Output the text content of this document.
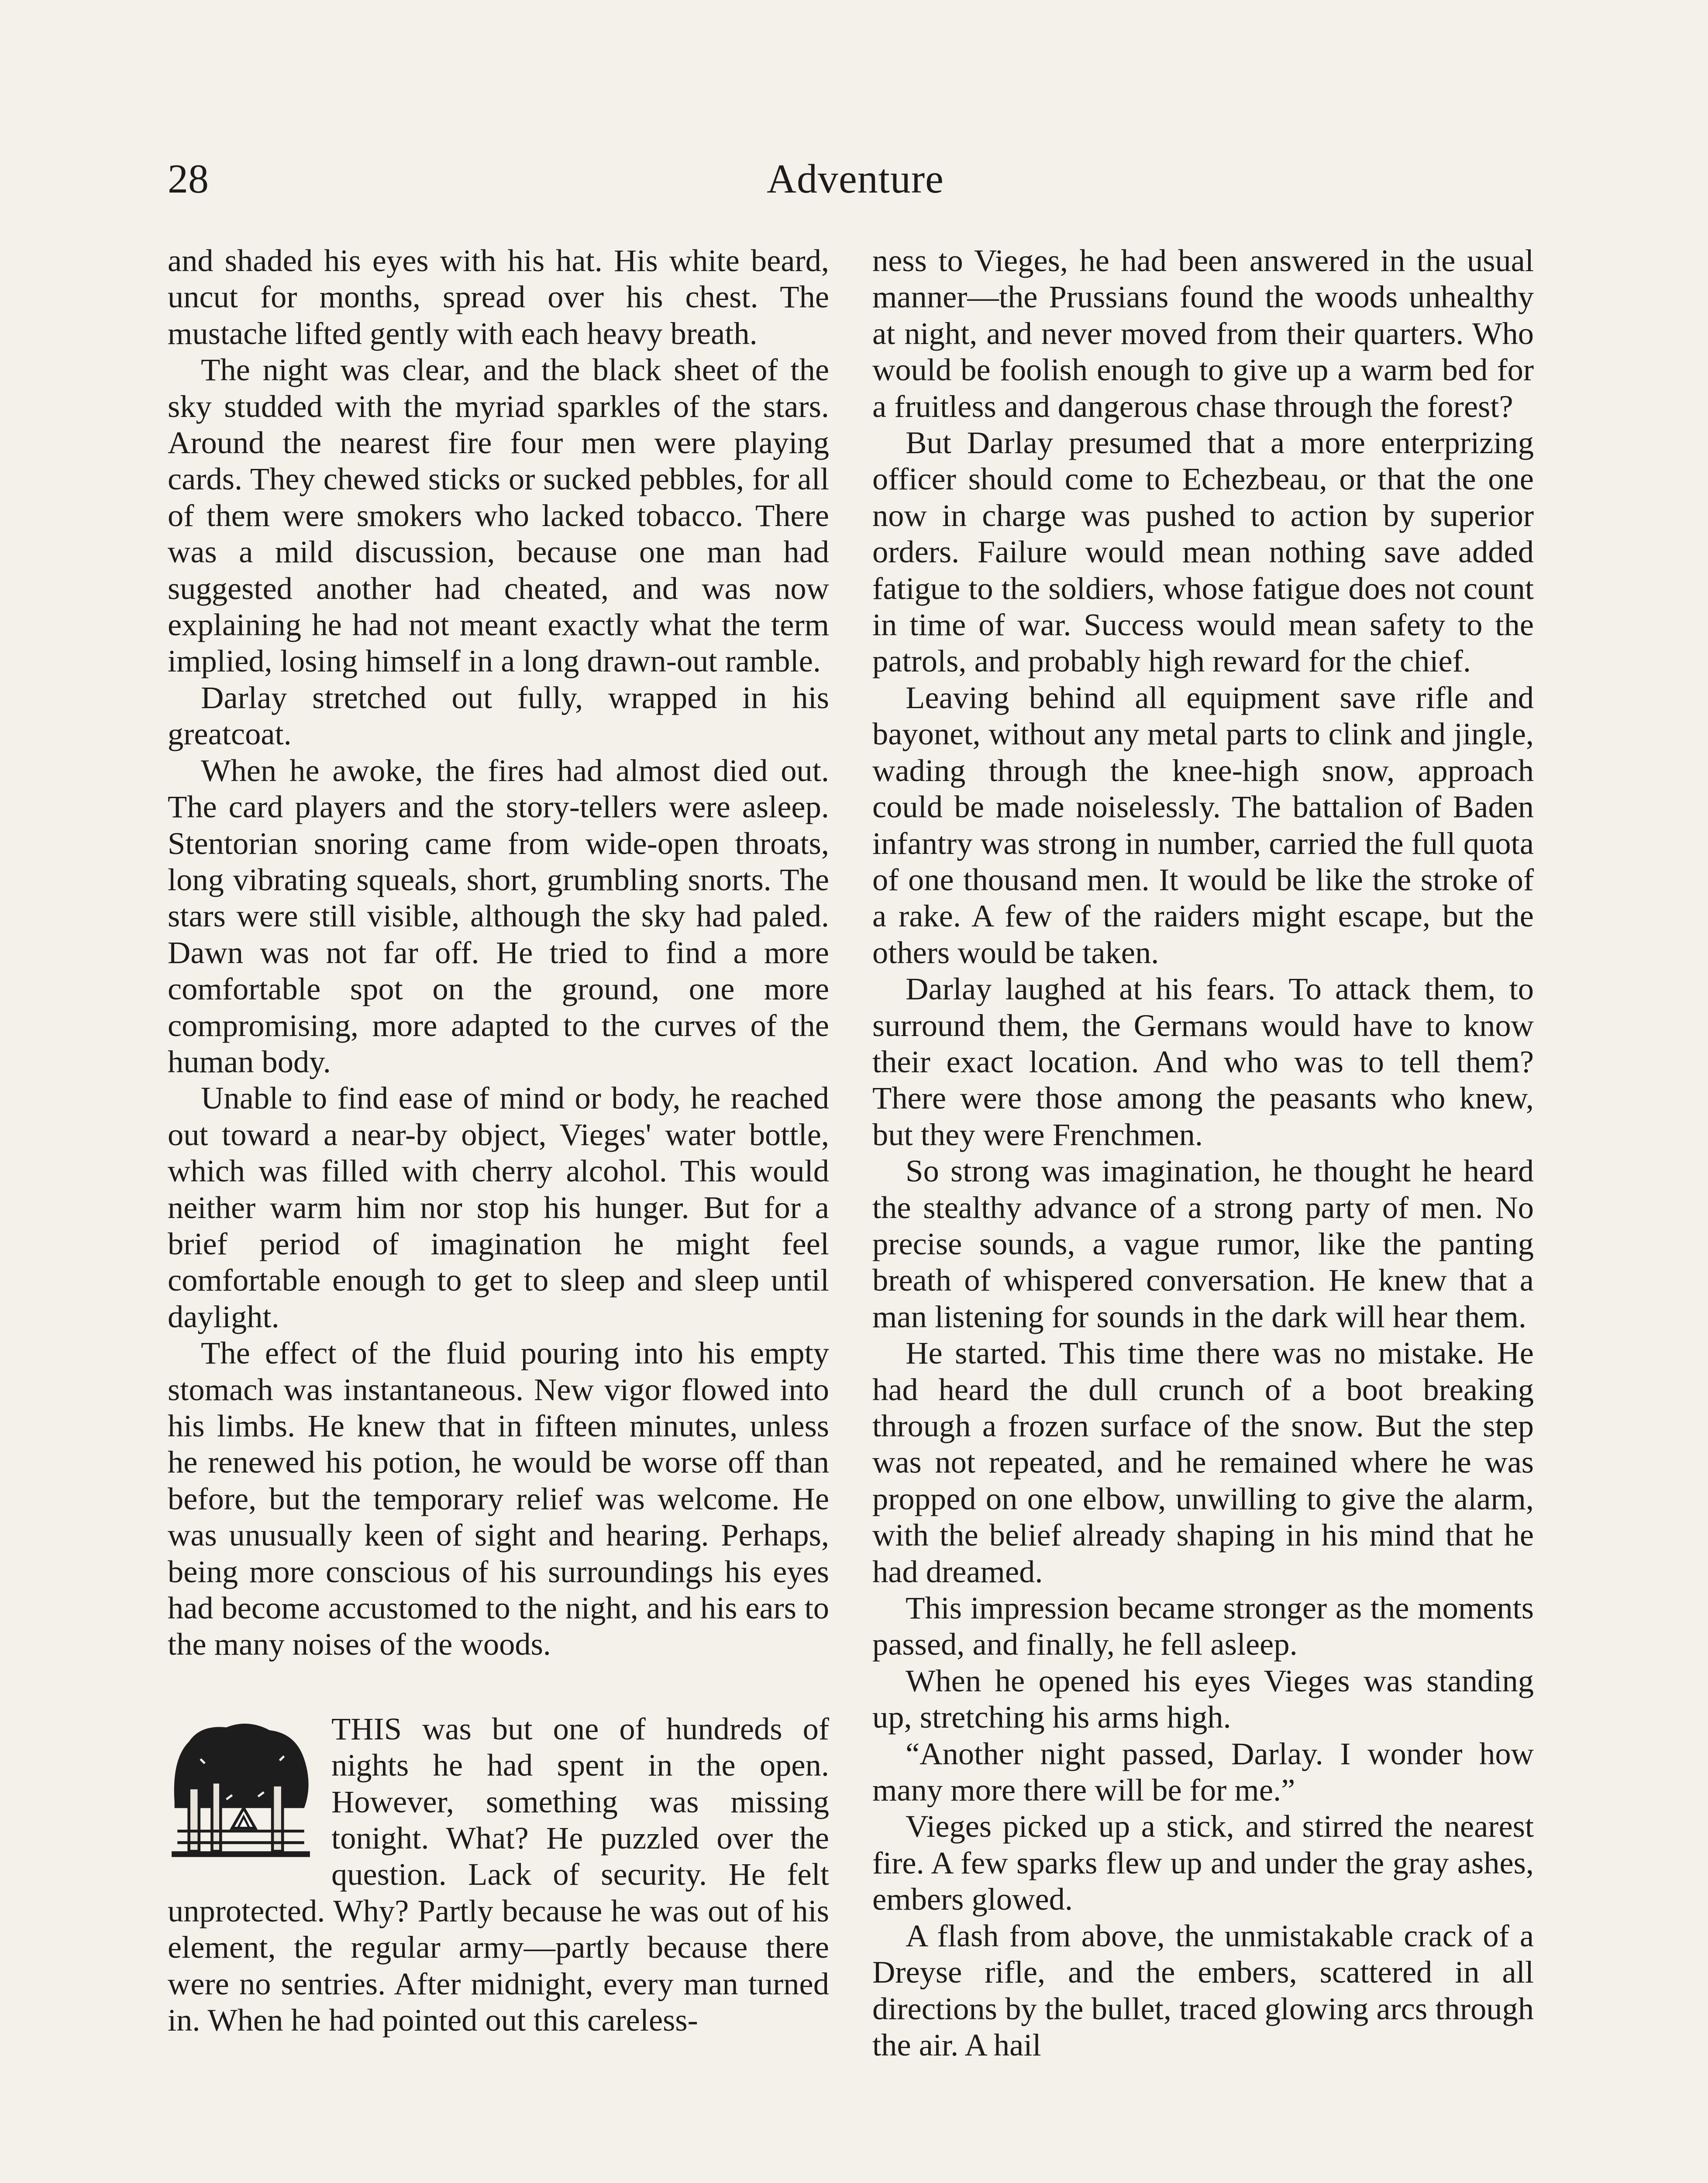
28	Adventure

and shaded his eyes with his hat. His white beard, uncut for months, spread over his chest. The mustache lifted gently with each heavy breath.

The night was clear, and the black sheet of the sky studded with the myriad sparkles of the stars. Around the nearest fire four men were playing cards. They chewed sticks or sucked pebbles, for all of them were smokers who lacked tobacco. There was a mild discussion, because one man had suggested another had cheated, and was now explaining he had not meant exactly what the term implied, losing himself in a long drawn-out ramble.

Darlay stretched out fully, wrapped in his greatcoat.

When he awoke, the fires had almost died out. The card players and the story-tellers were asleep. Stentorian snoring came from wide-open throats, long vibrating squeals, short, grumbling snorts. The stars were still visible, although the sky had paled. Dawn was not far off. He tried to find a more comfortable spot on the ground, one more compromising, more adapted to the curves of the human body.

Unable to find ease of mind or body, he reached out toward a near-by object, Vieges' water bottle, which was filled with cherry alcohol. This would neither warm him nor stop his hunger. But for a brief period of imagination he might feel comfortable enough to get to sleep and sleep until daylight.

The effect of the fluid pouring into his empty stomach was instantaneous. New vigor flowed into his limbs. He knew that in fifteen minutes, unless he renewed his potion, he would be worse off than before, but the temporary relief was welcome. He was unusually keen of sight and hearing. Perhaps, being more conscious of his surroundings his eyes had become accustomed to the night, and his ears to the many noises of the woods.

THIS was but one of hundreds of nights he had spent in the open. However, something was missing tonight. What? He puzzled over the question. Lack of security. He felt unprotected. Why? Partly because he was out of his element, the regular army—partly because there were no sentries. After midnight, every man turned in. When he had pointed out this careless-

ness to Vieges, he had been answered in the usual manner—the Prussians found the woods unhealthy at night, and never moved from their quarters. Who would be foolish enough to give up a warm bed for a fruitless and dangerous chase through the forest?

But Darlay presumed that a more enterprizing officer should come to Echezbeau, or that the one now in charge was pushed to action by superior orders. Failure would mean nothing save added fatigue to the soldiers, whose fatigue does not count in time of war. Success would mean safety to the patrols, and probably high reward for the chief.

Leaving behind all equipment save rifle and bayonet, without any metal parts to clink and jingle, wading through the knee-high snow, approach could be made noiselessly. The battalion of Baden infantry was strong in number, carried the full quota of one thousand men. It would be like the stroke of a rake. A few of the raiders might escape, but the others would be taken.

Darlay laughed at his fears. To attack them, to surround them, the Germans would have to know their exact location. And who was to tell them? There were those among the peasants who knew, but they were Frenchmen.

So strong was imagination, he thought he heard the stealthy advance of a strong party of men. No precise sounds, a vague rumor, like the panting breath of whispered conversation. He knew that a man listening for sounds in the dark will hear them.

He started. This time there was no mistake. He had heard the dull crunch of a boot breaking through a frozen surface of the snow. But the step was not repeated, and he remained where he was propped on one elbow, unwilling to give the alarm, with the belief already shaping in his mind that he had dreamed.

This impression became stronger as the moments passed, and finally, he fell asleep.

When he opened his eyes Vieges was standing up, stretching his arms high.

“Another night passed, Darlay. I wonder how many more there will be for me.”

Vieges picked up a stick, and stirred the nearest fire. A few sparks flew up and under the gray ashes, embers glowed.

A flash from above, the unmistakable crack of a Dreyse rifle, and the embers, scattered in all directions by the bullet, traced glowing arcs through the air. A hail
